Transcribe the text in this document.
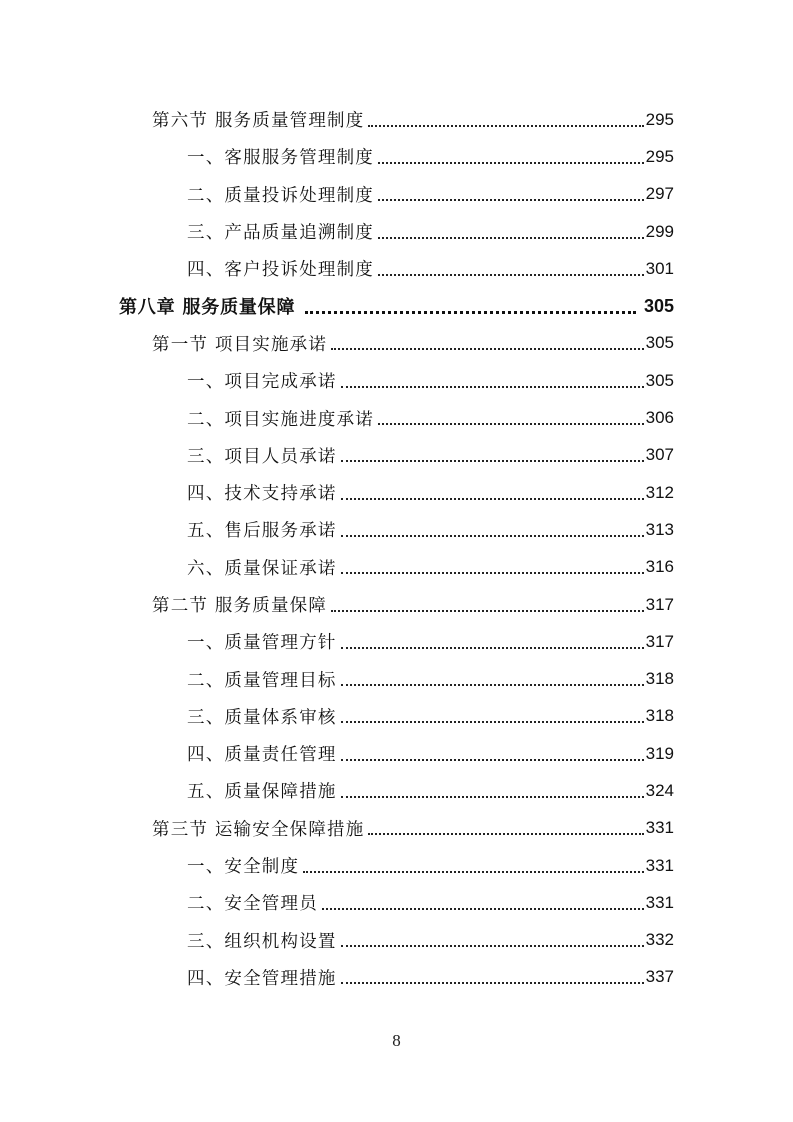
第六节 服务质量管理制度	295
一、客服服务管理制度	295
二、质量投诉处理制度	297
三、产品质量追溯制度	299
四、客户投诉处理制度	301
第八章 服务质量保障	305
第一节 项目实施承诺	305
一、项目完成承诺	305
二、项目实施进度承诺	306
三、项目人员承诺	307
四、技术支持承诺	312
五、售后服务承诺	313
六、质量保证承诺	316
第二节 服务质量保障	317
一、质量管理方针	317
二、质量管理目标	318
三、质量体系审核	318
四、质量责任管理	319
五、质量保障措施	324
第三节 运输安全保障措施	331
一、安全制度	331
二、安全管理员	331
三、组织机构设置	332
四、安全管理措施	337
8
